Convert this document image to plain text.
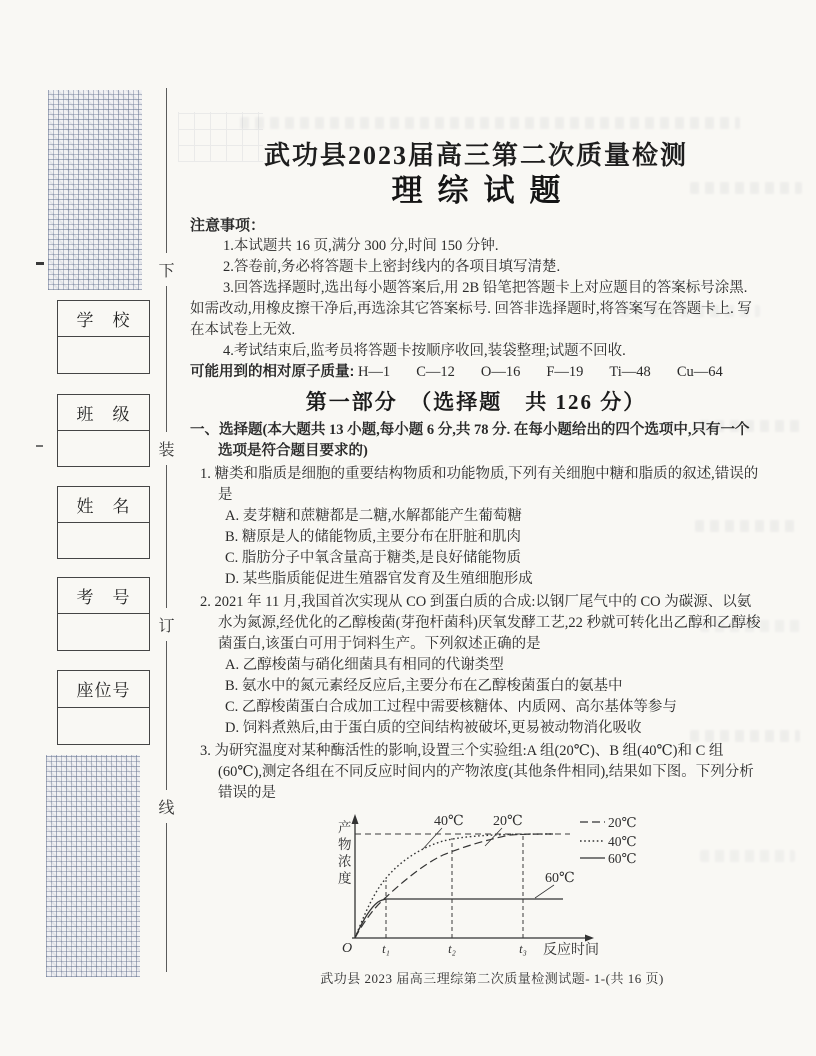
学　校
班　级
姓　名
考　号
座位号
下
装
订
线
武功县2023届高三第二次质量检测
理综试题
注意事项：

1.本试题共 16 页,满分 300 分,时间 150 分钟.

2.答卷前,务必将答题卡上密封线内的各项目填写清楚.

3.回答选择题时,选出每小题答案后,用 2B 铅笔把答题卡上对应题目的答案标号涂黑. 如需改动,用橡皮擦干净后,再选涂其它答案标号. 回答非选择题时,将答案写在答题卡上. 写在本试卷上无效.

4.考试结束后,监考员将答题卡按顺序收回,装袋整理;试题不回收.

可能用到的相对原子质量: H—1 C—12 O—16 F—19 Ti—48 Cu—64

第一部分　（选择题　共 126 分）

一、选择题(本大题共 13 小题,每小题 6 分,共 78 分. 在每小题给出的四个选项中,只有一个选项是符合题目要求的)

1. 糖类和脂质是细胞的重要结构物质和功能物质,下列有关细胞中糖和脂质的叙述,错误的是

A. 麦芽糖和蔗糖都是二糖,水解都能产生葡萄糖

B. 糖原是人的储能物质,主要分布在肝脏和肌肉

C. 脂肪分子中氧含量高于糖类,是良好储能物质

D. 某些脂质能促进生殖器官发育及生殖细胞形成

2. 2021 年 11 月,我国首次实现从 CO 到蛋白质的合成:以钢厂尾气中的 CO 为碳源、以氨水为氮源,经优化的乙醇梭菌(芽孢杆菌科)厌氧发酵工艺,22 秒就可转化出乙醇和乙醇梭菌蛋白,该蛋白可用于饲料生产。下列叙述正确的是

A. 乙醇梭菌与硝化细菌具有相同的代谢类型

B. 氨水中的氮元素经反应后,主要分布在乙醇梭菌蛋白的氨基中

C. 乙醇梭菌蛋白合成加工过程中需要核糖体、内质网、高尔基体等参与

D. 饲料煮熟后,由于蛋白质的空间结构被破坏,更易被动物消化吸收

3. 为研究温度对某种酶活性的影响,设置三个实验组:A 组(20℃)、B 组(40℃)和 C 组(60℃),测定各组在不同反应时间内的产物浓度(其他条件相同),结果如下图。下列分析错误的是

40℃ 20℃
60℃
产
物
浓
度
O t₁	t₂	t₃ 反应时间
20℃
40℃
60℃
武功县 2023 届高三理综第二次质量检测试题- 1-(共 16 页)
